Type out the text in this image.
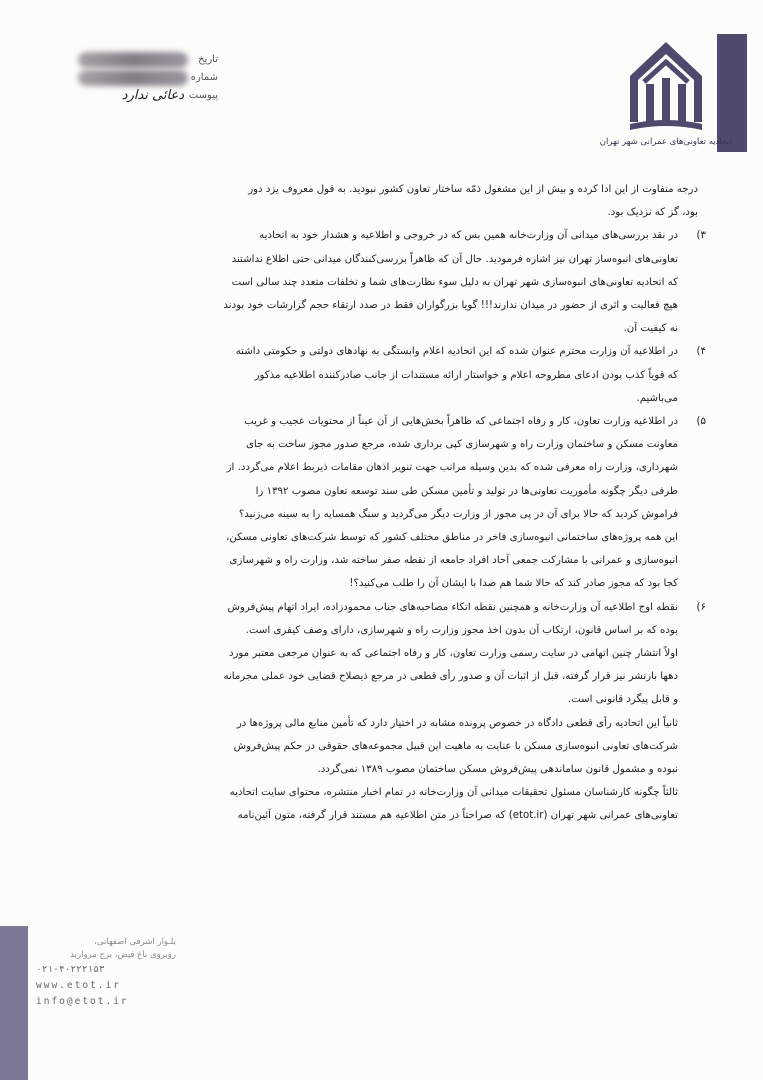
اتحادیه تعاونی‌های عمرانی شهر تهران
تاریخ
شماره
پیوست
دعائی ندارد
درجه متفاوت از این ادا کرده و بیش از این مشغول ذمّه ساختار تعاون کشور نبودید. به قول معروف یزد دور
بود، گز که نزدیک بود.
۳)
در نقد بررسی‌های میدانی آن وزارت‌خانه همین بس که در خروجی و اطلاعیه و هشدار خود به اتحادیه
تعاونی‌های انبوه‌ساز تهران نیز اشاره فرمودید. حال آن که ظاهراً بررسی‌کنندگان میدانی حتی اطلاع نداشتند
که اتحادیه تعاونی‌های انبوه‌سازی شهر تهران به دلیل سوء نظارت‌های شما و تخلفات متعدد چند سالی است
هیچ فعالیت و اثری از حضور در میدان ندارند!!! گویا بزرگواران فقط در صدد ارتقاء حجم گزارشات خود بودند
نه کیفیت آن.
۴)
در اطلاعیه آن وزارت محترم عنوان شده که این اتحادیه اعلام وابستگی به نهادهای دولتی و حکومتی داشته
که قویاً کذب بودن ادعای مطروحه اعلام و خواستار ارائه مستندات از جانب صادرکننده اطلاعیه مذکور
می‌باشیم.
۵)
در اطلاعیه وزارت تعاون، کار و رفاه اجتماعی که ظاهراً بخش‌هایی از آن عیناً از محتویات عجیب و غریب
معاونت مسکن و ساختمان وزارت راه و شهرسازی کپی برداری شده، مرجع صدور مجوز ساخت به جای
شهرداری، وزارت راه معرفی شده که بدین وسیله مراتب جهت تنویر اذهان مقامات ذیربط اعلام می‌گردد. از
طرفی دیگر چگونه مأموریت تعاونی‌ها در تولید و تأمین مسکن طی سند توسعه تعاون مصوب ۱۳۹۲ را
فراموش کردید که حالا برای آن در پی مجوز از وزارت دیگر می‌گردید و سنگ همسایه را به سینه می‌زنید؟
این همه پروژه‌های ساختمانی انبوه‌سازی فاخر در مناطق مختلف کشور که توسط شرکت‌های تعاونی مسکن،
انبوه‌سازی و عمرانی با مشارکت جمعی آحاد افراد جامعه از نقطه صفر ساخته شد، وزارت راه و شهرسازی
کجا بود که مجوز صادر کند که حالا شما هم صدا با ایشان آن را طلب می‌کنید؟!
۶)
نقطه اوج اطلاعیه آن وزارت‌خانه و همچنین نقطه اتکاء مصاحبه‌های جناب محمودزاده، ایراد اتهام پیش‌فروش
بوده که بر اساس قانون، ارتکاب آن بدون اخذ مجوز وزارت راه و شهرسازی، دارای وصف کیفری است.
اولاً انتشار چنین اتهامی در سایت رسمی وزارت تعاون، کار و رفاه اجتماعی که به عنوان مرجعی معتبر مورد
دهها بازنشر نیز قرار گرفته، قبل از اثبات آن و صدور رأی قطعی در مرجع ذیصلاح قضایی خود عملی مجرمانه
و قابل پیگرد قانونی است.
ثانیاً این اتحادیه رأی قطعی دادگاه در خصوص پرونده مشابه در اختیار دارد که تأمین منابع مالی پروژه‌ها در
شرکت‌های تعاونی انبوه‌سازی مسکن با عنایت به ماهیت این قبیل مجموعه‌های حقوقی در حکم پیش‌فروش
نبوده و مشمول قانون ساماندهی پیش‌فروش مسکن ساختمان مصوب ۱۳۸۹ نمی‌گردد.
ثالثاً چگونه کارشناسان مسئول تحقیقات میدانی آن وزارت‌خانه در تمام اخبار منتشره، محتوای سایت اتحادیه
تعاونی‌های عمرانی شهر تهران (etot.ir) که صراحتاً در متن اطلاعیه هم مستند قرار گرفته، متون آئین‌نامه
بلـوار اشرفی اصفهانی،
روبروی باغ فیض، برج مروارید
۰۲۱-۴۰۲۲۲۱۵۳
www.etot.ir
info@etot.ir
